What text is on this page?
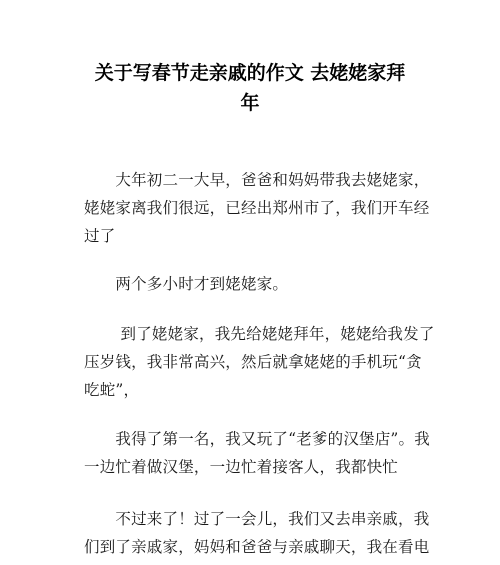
关于写春节走亲戚的作文 去姥姥家拜
年

　　大年初二一大早，爸爸和妈妈带我去姥姥家，
姥姥家离我们很远，已经出郑州市了，我们开车经
过了

　　两个多小时才到姥姥家。

　　 到了姥姥家，我先给姥姥拜年，姥姥给我发了
压岁钱，我非常高兴，然后就拿姥姥的手机玩“贪
吃蛇”，

　　我得了第一名，我又玩了“老爹的汉堡店”。我
一边忙着做汉堡，一边忙着接客人，我都快忙

　　不过来了！过了一会儿，我们又去串亲戚，我
们到了亲戚家，妈妈和爸爸与亲戚聊天，我在看电
